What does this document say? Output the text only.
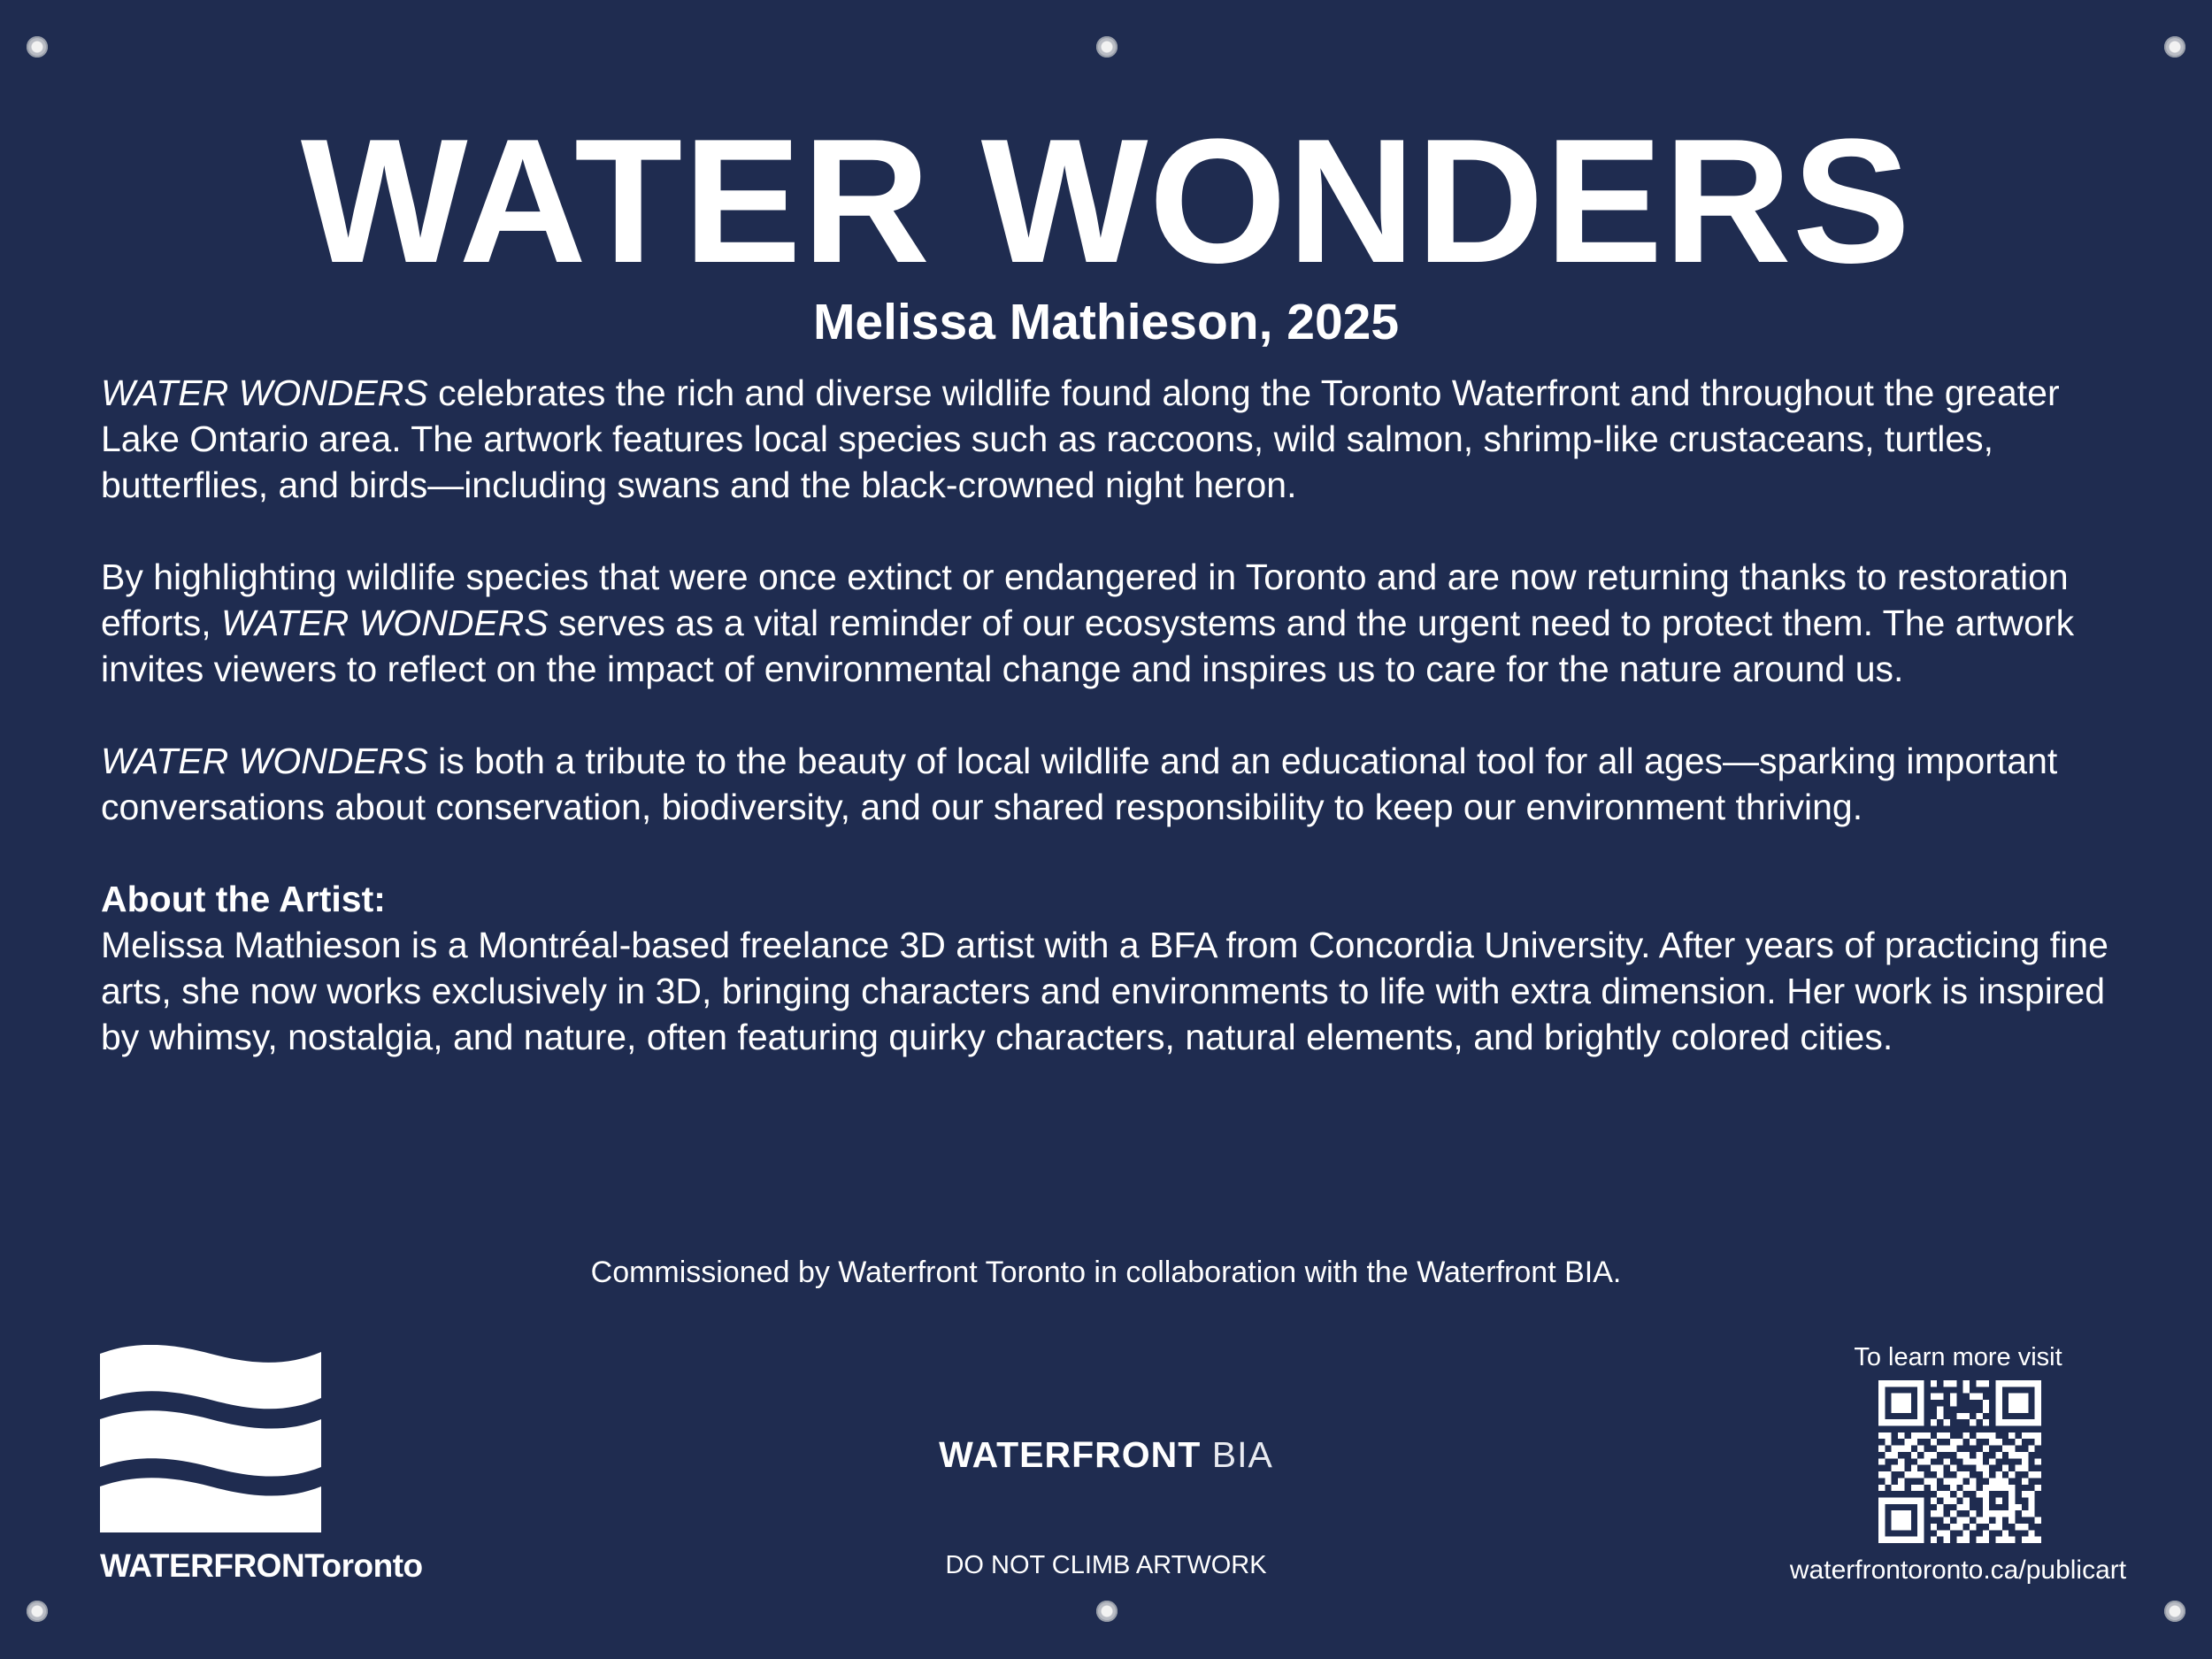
WATER WONDERS
Melissa Mathieson, 2025

WATER WONDERS celebrates the rich and diverse wildlife found along the Toronto Waterfront and throughout the greater Lake Ontario area. The artwork features local species such as raccoons, wild salmon, shrimp-like crustaceans, turtles, butterflies, and birds—including swans and the black-crowned night heron.

By highlighting wildlife species that were once extinct or endangered in Toronto and are now returning thanks to restoration efforts, WATER WONDERS serves as a vital reminder of our ecosystems and the urgent need to protect them. The artwork invites viewers to reflect on the impact of environmental change and inspires us to care for the nature around us.

WATER WONDERS is both a tribute to the beauty of local wildlife and an educational tool for all ages—sparking important conversations about conservation, biodiversity, and our shared responsibility to keep our environment thriving.

About the Artist:
Melissa Mathieson is a Montréal-based freelance 3D artist with a BFA from Concordia University. After years of practicing fine arts, she now works exclusively in 3D, bringing characters and environments to life with extra dimension. Her work is inspired by whimsy, nostalgia, and nature, often featuring quirky characters, natural elements, and brightly colored cities.

Commissioned by Waterfront Toronto in collaboration with the Waterfront BIA.
WATERFRONToronto
WATERFRONT BIA
DO NOT CLIMB ARTWORK
To learn more visit
waterfrontoronto.ca/publicart
